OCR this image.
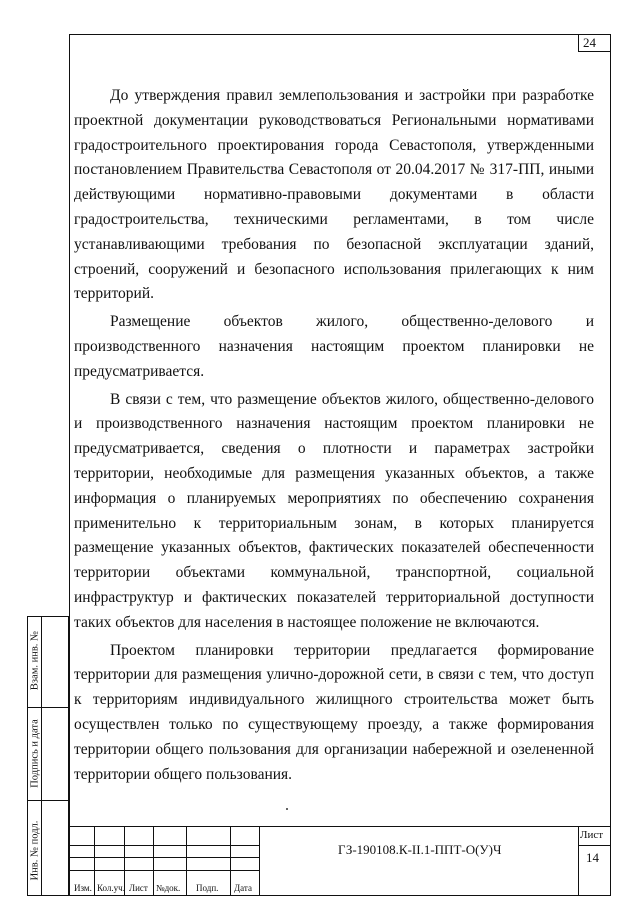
24

До утверждения правил землепользования и застройки при разработке проектной документации руководствоваться Региональными нормативами градостроительного проектирования города Севастополя, утвержденными постановлением Правительства Севастополя от 20.04.2017 № 317-ПП, иными действующими нормативно-правовыми документами в области градостроительства, техническими регламентами, в том числе устанавливающими требования по безопасной эксплуатации зданий, строений, сооружений и безопасного использования прилегающих к ним территорий.

Размещение объектов жилого, общественно-делового и производственного назначения настоящим проектом планировки не предусматривается.

В связи с тем, что размещение объектов жилого, общественно-делового и производственного назначения настоящим проектом планировки не предусматривается, сведения о плотности и параметрах застройки территории, необходимые для размещения указанных объектов, а также информация о планируемых мероприятиях по обеспечению сохранения применительно к территориальным зонам, в которых планируется размещение указанных объектов, фактических показателей обеспеченности территории объектами коммунальной, транспортной, социальной инфраструктур и фактических показателей территориальной доступности таких объектов для населения в настоящее положение не включаются.

Проектом планировки территории предлагается формирование территории для размещения улично-дорожной сети, в связи с тем, что доступ к территориям индивидуального жилищного строительства может быть осуществлен только по существующему проезду, а также формирования территории общего пользования для организации набережной и озелененной территории общего пользования.

Взам. инв. №
Подпись и дата
Инв. № подл.
Изм. Кол.уч. Лист №док. Подп. Дата
ГЗ-190108.К-II.1-ППТ-О(У)Ч
Лист
14
